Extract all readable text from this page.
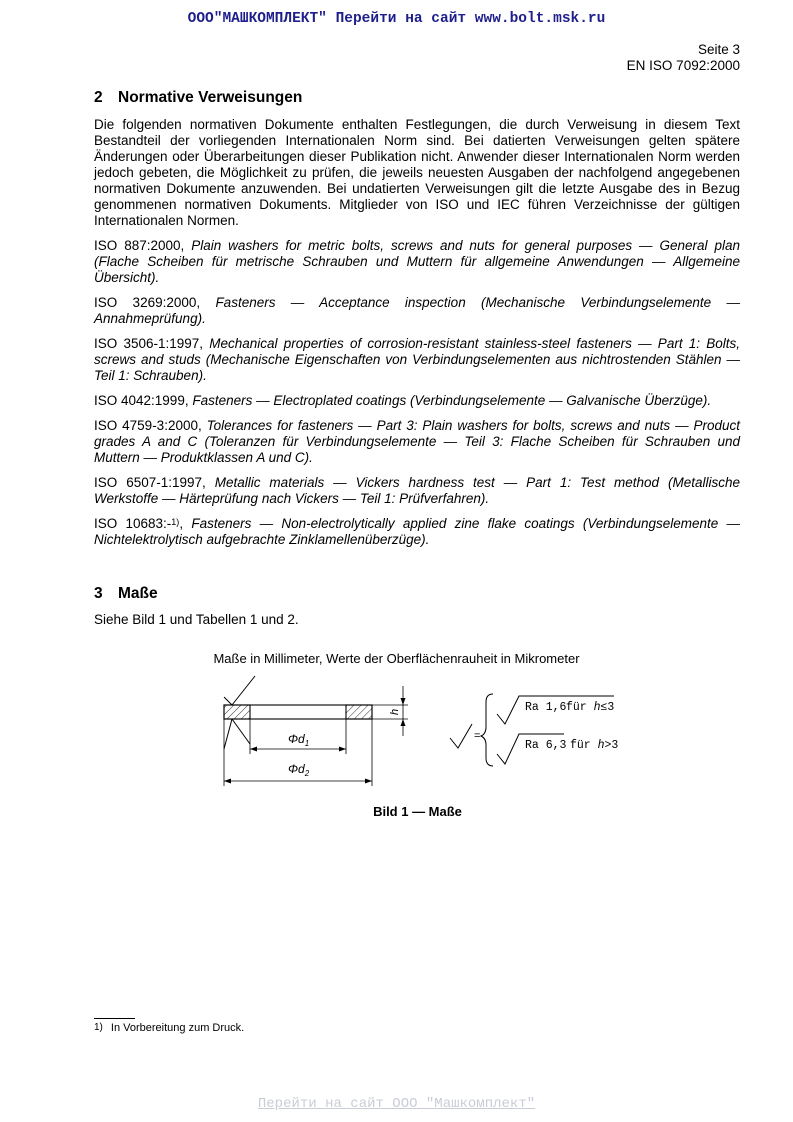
ООО"МАШКОМПЛЕКТ" Перейти на сайт www.bolt.msk.ru
Seite 3
EN ISO 7092:2000
2 Normative Verweisungen

Die folgenden normativen Dokumente enthalten Festlegungen, die durch Verweisung in diesem Text Bestandteil der vorliegenden Internationalen Norm sind. Bei datierten Verweisungen gelten spätere Änderungen oder Überarbeitungen dieser Publikation nicht. Anwender dieser Internationalen Norm werden jedoch gebeten, die Möglichkeit zu prüfen, die jeweils neuesten Ausgaben der nachfolgend angegebenen normativen Dokumente anzuwenden. Bei undatierten Verweisungen gilt die letzte Ausgabe des in Bezug genommenen normativen Dokuments. Mitglieder von ISO und IEC führen Verzeichnisse der gültigen Internationalen Normen.

ISO 887:2000, Plain washers for metric bolts, screws and nuts for general purposes — General plan (Flache Scheiben für metrische Schrauben und Muttern für allgemeine Anwendungen — Allgemeine Übersicht).

ISO 3269:2000, Fasteners — Acceptance inspection (Mechanische Verbindungselemente — Annahmeprüfung).

ISO 3506-1:1997, Mechanical properties of corrosion-resistant stainless-steel fasteners — Part 1: Bolts, screws and studs (Mechanische Eigenschaften von Verbindungselementen aus nichtrostenden Stählen — Teil 1: Schrauben).

ISO 4042:1999, Fasteners — Electroplated coatings (Verbindungselemente — Galvanische Überzüge).

ISO 4759-3:2000, Tolerances for fasteners — Part 3: Plain washers for bolts, screws and nuts — Product grades A and C (Toleranzen für Verbindungselemente — Teil 3: Flache Scheiben für Schrauben und Muttern — Produktklassen A und C).

ISO 6507-1:1997, Metallic materials — Vickers hardness test — Part 1: Test method (Metallische Werkstoffe — Härteprüfung nach Vickers — Teil 1: Prüfverfahren).

ISO 10683:-$^{1)}$, Fasteners — Non-electrolytically applied zine flake coatings (Verbindungselemente — Nichtelektrolytisch aufgebrachte Zinklamellenüberzüge).

3 Maße

Siehe Bild 1 und Tabellen 1 und 2.

Maße in Millimeter, Werte der Oberflächenrauheit in Mikrometer
h
$\Phi d_1$
$\Phi d_2$
=
Ra 1,6 für h≤3
Ra 6,3 für h>3
Bild 1 — Maße
1) In Vorbereitung zum Druck.
Перейти на сайт ООО "Машкомплект"
